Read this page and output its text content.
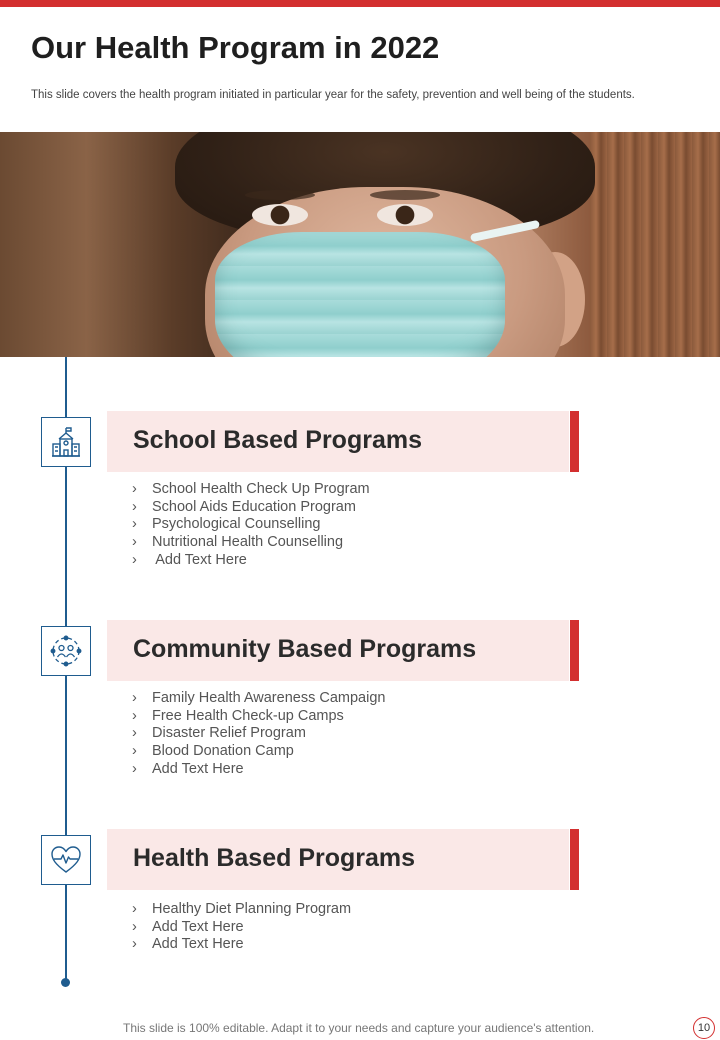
Our Health Program in 2022

This slide covers the health program initiated in particular year for the safety, prevention and well being of the students.

School Based Programs
› School Health Check Up Program
› School Aids Education Program
› Psychological Counselling
› Nutritional Health Counselling
› Add Text Here
Community Based Programs
› Family Health Awareness Campaign
› Free Health Check-up Camps
› Disaster Relief Program
› Blood Donation Camp
› Add Text Here
Health Based Programs
› Healthy Diet Planning Program
› Add Text Here
› Add Text Here

This slide is 100% editable. Adapt it to your needs and capture your audience's attention.	10
